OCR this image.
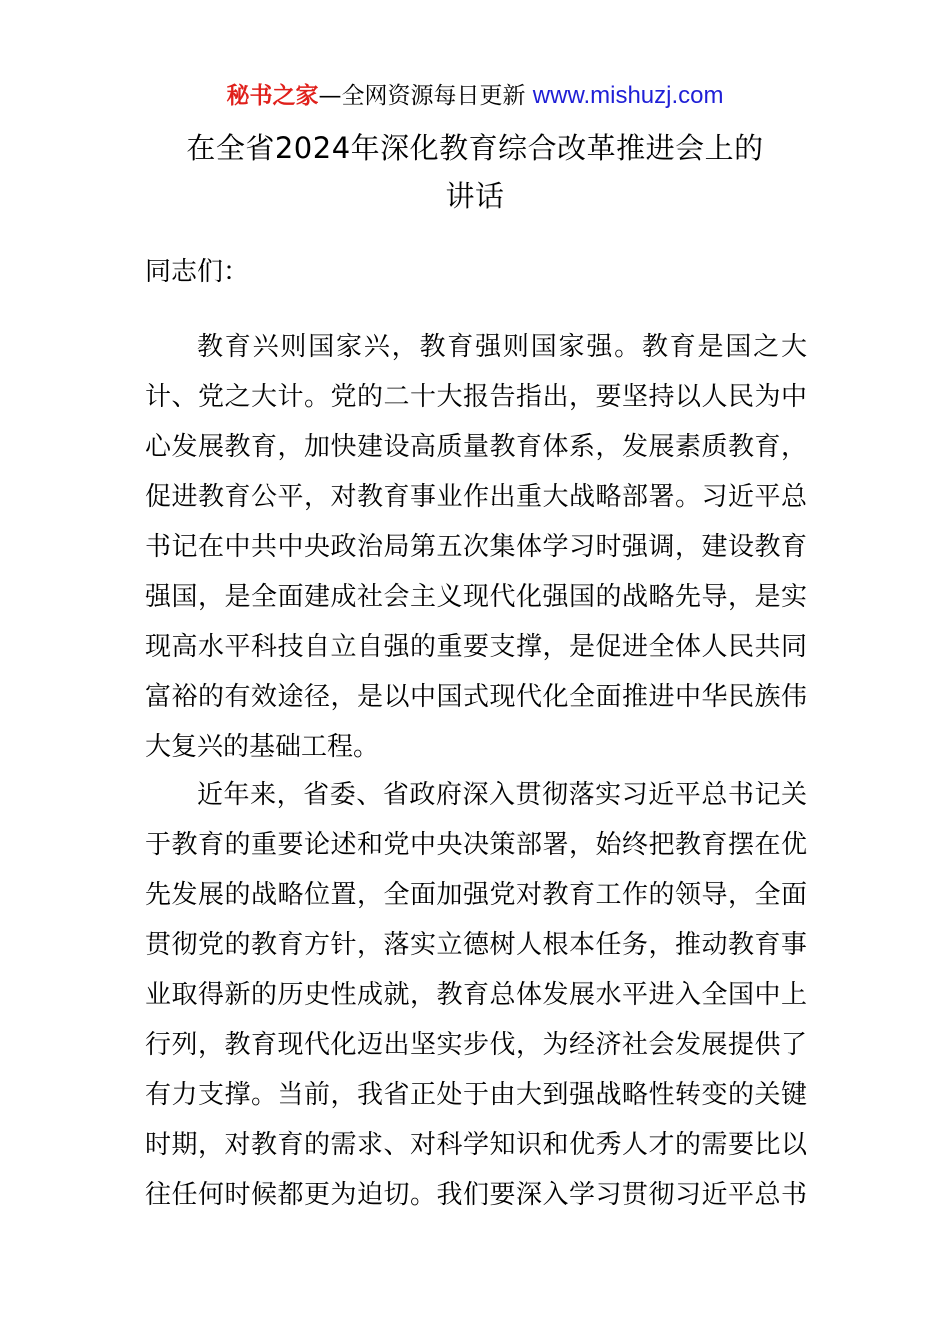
秘书之家—全网资源每日更新 www.mishuzj.com
在全省2024年深化教育综合改革推进会上的
讲话
同志们：
教育兴则国家兴，教育强则国家强。教育是国之大
计、党之大计。党的二十大报告指出，要坚持以人民为中
心发展教育，加快建设高质量教育体系，发展素质教育，
促进教育公平，对教育事业作出重大战略部署。习近平总
书记在中共中央政治局第五次集体学习时强调，建设教育
强国，是全面建成社会主义现代化强国的战略先导，是实
现高水平科技自立自强的重要支撑，是促进全体人民共同
富裕的有效途径，是以中国式现代化全面推进中华民族伟
大复兴的基础工程。
近年来，省委、省政府深入贯彻落实习近平总书记关
于教育的重要论述和党中央决策部署，始终把教育摆在优
先发展的战略位置，全面加强党对教育工作的领导，全面
贯彻党的教育方针，落实立德树人根本任务，推动教育事
业取得新的历史性成就，教育总体发展水平进入全国中上
行列，教育现代化迈出坚实步伐，为经济社会发展提供了
有力支撑。当前，我省正处于由大到强战略性转变的关键
时期，对教育的需求、对科学知识和优秀人才的需要比以
往任何时候都更为迫切。我们要深入学习贯彻习近平总书
